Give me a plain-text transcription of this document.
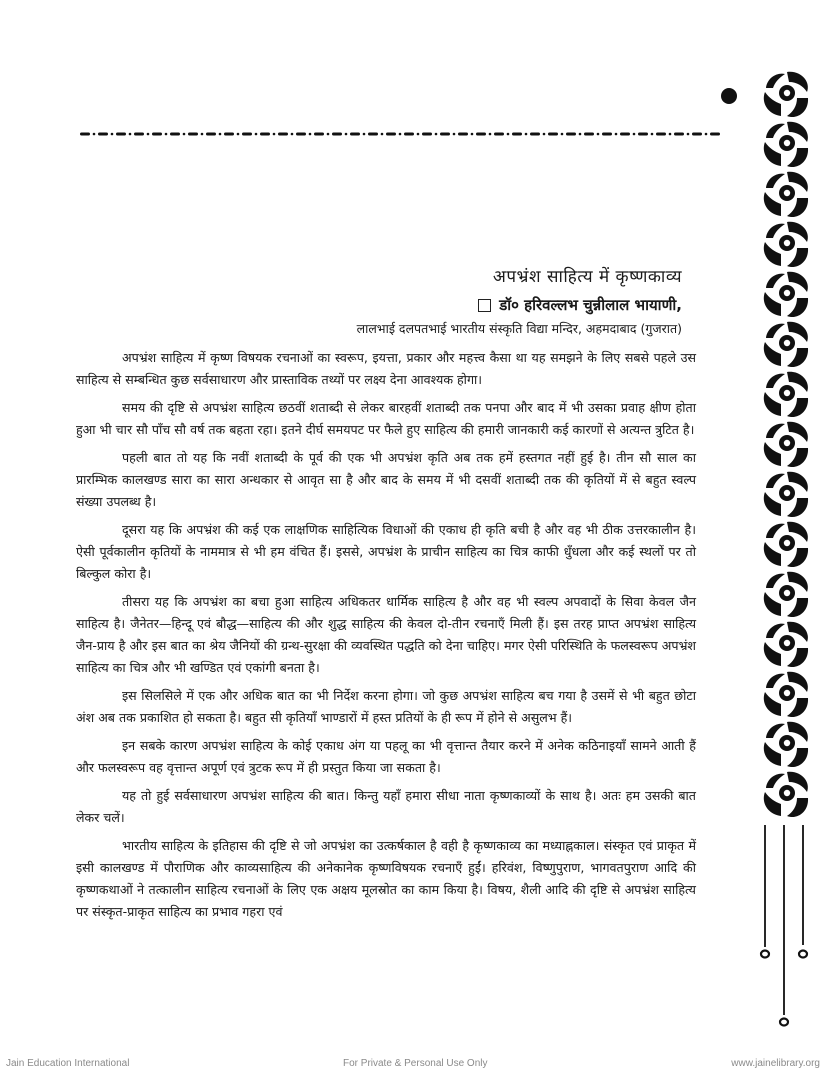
अपभ्रंश साहित्य में कृष्णकाव्य
डॉ० हरिवल्लभ चुन्नीलाल भायाणी,
लालभाई दलपतभाई भारतीय संस्कृति विद्या मन्दिर, अहमदाबाद (गुजरात)

अपभ्रंश साहित्य में कृष्ण विषयक रचनाओं का स्वरूप, इयत्ता, प्रकार और महत्त्व कैसा था यह समझने के लिए सबसे पहले उस साहित्य से सम्बन्धित कुछ सर्वसाधारण और प्रास्ताविक तथ्यों पर लक्ष्य देना आवश्यक होगा।

समय की दृष्टि से अपभ्रंश साहित्य छठवीं शताब्दी से लेकर बारहवीं शताब्दी तक पनपा और बाद में भी उसका प्रवाह क्षीण होता हुआ भी चार सौ पाँच सौ वर्ष तक बहता रहा। इतने दीर्घ समयपट पर फैले हुए साहित्य की हमारी जानकारी कई कारणों से अत्यन्त त्रुटित है।

पहली बात तो यह कि नवीं शताब्दी के पूर्व की एक भी अपभ्रंश कृति अब तक हमें हस्तगत नहीं हुई है। तीन सौ साल का प्रारम्भिक कालखण्ड सारा का सारा अन्धकार से आवृत सा है और बाद के समय में भी दसवीं शताब्दी तक की कृतियों में से बहुत स्वल्प संख्या उपलब्ध है।

दूसरा यह कि अपभ्रंश की कई एक लाक्षणिक साहित्यिक विधाओं की एकाध ही कृति बची है और वह भी ठीक उत्तरकालीन है। ऐसी पूर्वकालीन कृतियों के नाममात्र से भी हम वंचित हैं। इससे, अपभ्रंश के प्राचीन साहित्य का चित्र काफी धुँधला और कई स्थलों पर तो बिल्कुल कोरा है।

तीसरा यह कि अपभ्रंश का बचा हुआ साहित्य अधिकतर धार्मिक साहित्य है और वह भी स्वल्प अपवादों के सिवा केवल जैन साहित्य है। जैनेतर—हिन्दू एवं बौद्ध—साहित्य की और शुद्ध साहित्य की केवल दो-तीन रचनाएँ मिली हैं। इस तरह प्राप्त अपभ्रंश साहित्य जैन-प्राय है और इस बात का श्रेय जैनियों की ग्रन्थ-सुरक्षा की व्यवस्थित पद्धति को देना चाहिए। मगर ऐसी परिस्थिति के फलस्वरूप अपभ्रंश साहित्य का चित्र और भी खण्डित एवं एकांगी बनता है।

इस सिलसिले में एक और अधिक बात का भी निर्देश करना होगा। जो कुछ अपभ्रंश साहित्य बच गया है उसमें से भी बहुत छोटा अंश अब तक प्रकाशित हो सकता है। बहुत सी कृतियाँ भाण्डारों में हस्त प्रतियों के ही रूप में होने से असुलभ हैं।

इन सबके कारण अपभ्रंश साहित्य के कोई एकाध अंग या पहलू का भी वृत्तान्त तैयार करने में अनेक कठिनाइयाँ सामने आती हैं और फलस्वरूप वह वृत्तान्त अपूर्ण एवं त्रुटक रूप में ही प्रस्तुत किया जा सकता है।

यह तो हुई सर्वसाधारण अपभ्रंश साहित्य की बात। किन्तु यहाँ हमारा सीधा नाता कृष्णकाव्यों के साथ है। अतः हम उसकी बात लेकर चलें।

भारतीय साहित्य के इतिहास की दृष्टि से जो अपभ्रंश का उत्कर्षकाल है वही है कृष्णकाव्य का मध्याह्नकाल। संस्कृत एवं प्राकृत में इसी कालखण्ड में पौराणिक और काव्यसाहित्य की अनेकानेक कृष्णविषयक रचनाएँ हुईं। हरिवंश, विष्णुपुराण, भागवतपुराण आदि की कृष्णकथाओं ने तत्कालीन साहित्य रचनाओं के लिए एक अक्षय मूलस्रोत का काम किया है। विषय, शैली आदि की दृष्टि से अपभ्रंश साहित्य पर संस्कृत-प्राकृत साहित्य का प्रभाव गहरा एवं

Jain Education International	For Private & Personal Use Only	www.jainelibrary.org
